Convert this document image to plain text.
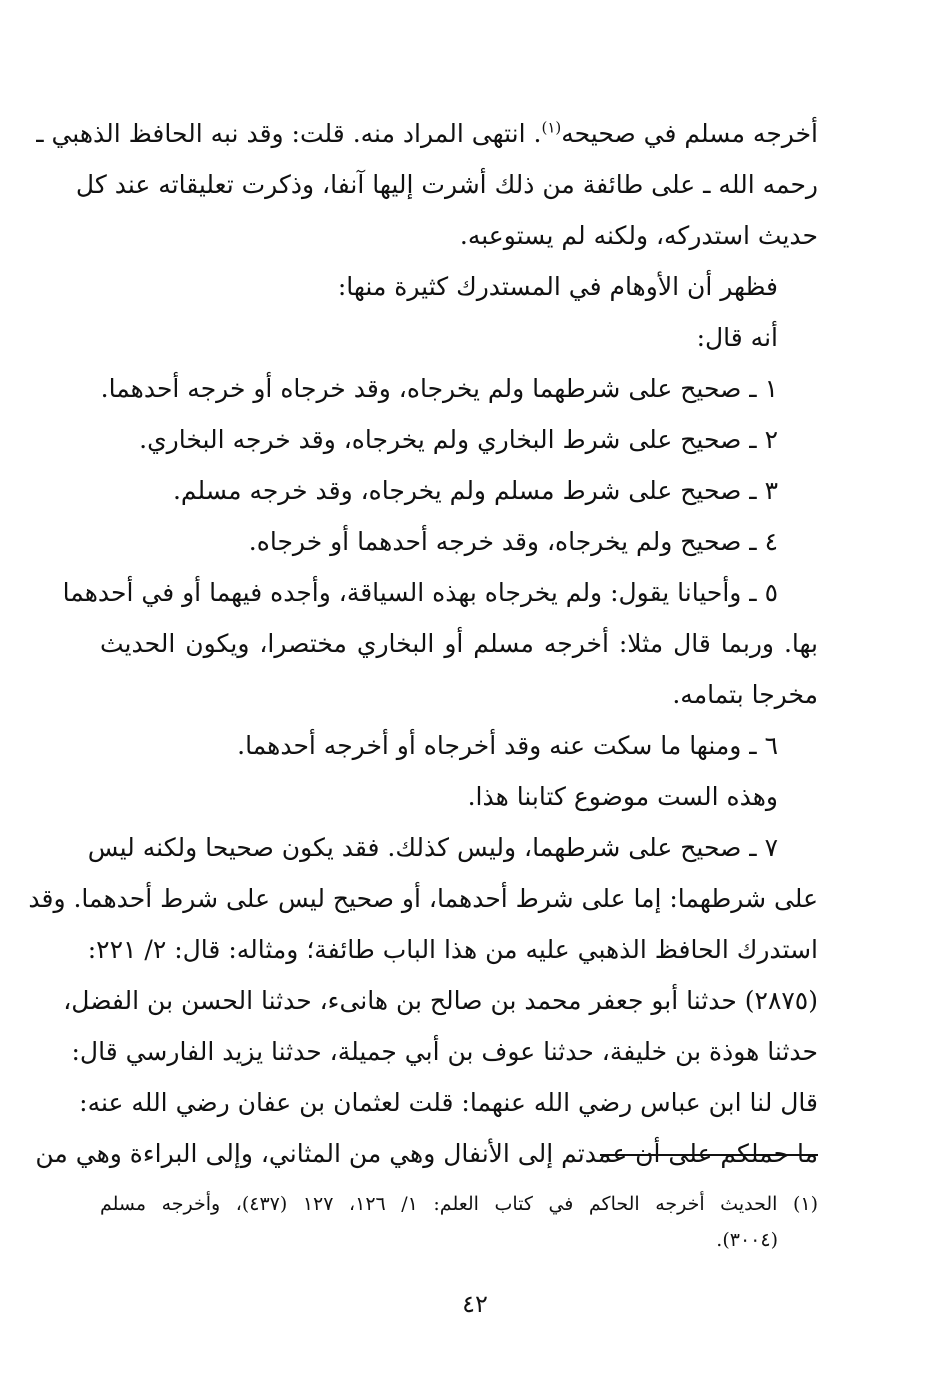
أخرجه مسلم في صحيحه$^{(١)}$. انتهى المراد منه. قلت: وقد نبه الحافظ الذهبي ـ
رحمه الله ـ على طائفة من ذلك أشرت إليها آنفا، وذكرت تعليقاته عند كل
حديث استدركه، ولكنه لم يستوعبه.
فظهر أن الأوهام في المستدرك كثيرة منها:
أنه قال:
١ ـ صحيح على شرطهما ولم يخرجاه، وقد خرجاه أو خرجه أحدهما.
٢ ـ صحيح على شرط البخاري ولم يخرجاه، وقد خرجه البخاري.
٣ ـ صحيح على شرط مسلم ولم يخرجاه، وقد خرجه مسلم.
٤ ـ صحيح ولم يخرجاه، وقد خرجه أحدهما أو خرجاه.
٥ ـ وأحيانا يقول: ولم يخرجاه بهذه السياقة، وأجده فيهما أو في أحدهما
بها. وربما قال مثلا: أخرجه مسلم أو البخاري مختصرا، ويكون الحديث
مخرجا بتمامه.
٦ ـ ومنها ما سكت عنه وقد أخرجاه أو أخرجه أحدهما.
وهذه الست موضوع كتابنا هذا.
٧ ـ صحيح على شرطهما، وليس كذلك. فقد يكون صحيحا ولكنه ليس
على شرطهما: إما على شرط أحدهما، أو صحيح ليس على شرط أحدهما. وقد
استدرك الحافظ الذهبي عليه من هذا الباب طائفة؛ ومثاله: قال: ٢/ ٢٢١:
(٢٨٧٥) حدثنا أبو جعفر محمد بن صالح بن هانىء، حدثنا الحسن بن الفضل،
حدثنا هوذة بن خليفة، حدثنا عوف بن أبي جميلة، حدثنا يزيد الفارسي قال:
قال لنا ابن عباس رضي الله عنهما: قلت لعثمان بن عفان رضي الله عنه:
ما حملكم على أن عمدتم إلى الأنفال وهي من المثاني، وإلى البراءة وهي من
(١) الحديث أخرجه الحاكم في كتاب العلم: ١/ ١٢٦، ١٢٧ (٤٣٧)، وأخرجه مسلم
(٣٠٠٤).
٤٢
